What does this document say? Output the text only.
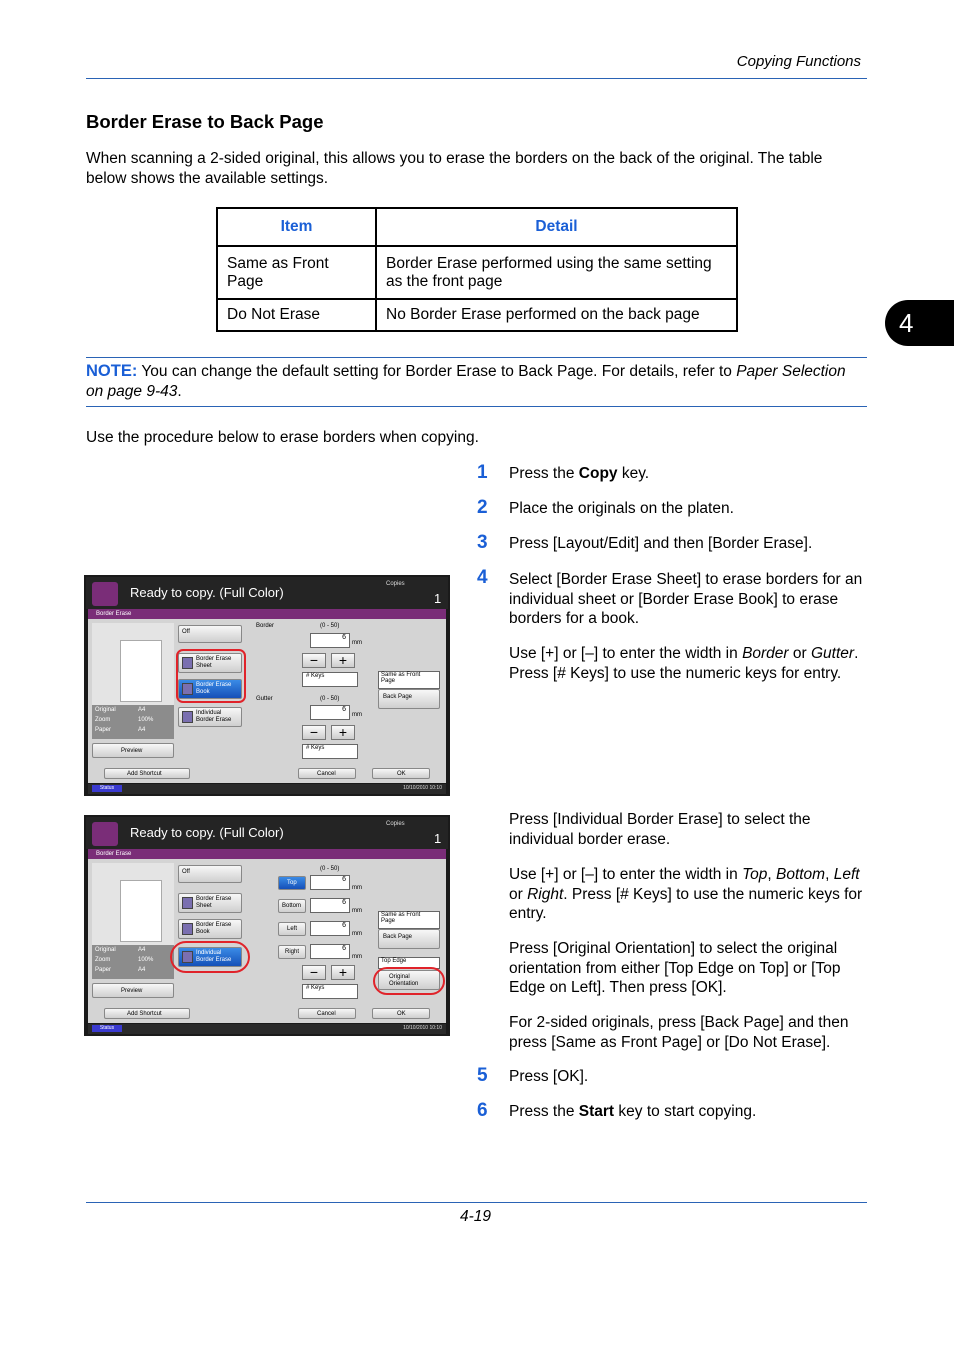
Copying Functions
4
Border Erase to Back Page

When scanning a 2-sided original, this allows you to erase the borders on the back of the original. The table below shows the available settings.

Item	Detail
Same as Front Page	Border Erase performed using the same setting as the front page
Do Not Erase	No Border Erase performed on the back page

NOTE: You can change the default setting for Border Erase to Back Page. For details, refer to Paper Selection on page 9-43.

Use the procedure below to erase borders when copying.

1 Press the Copy key.

2 Place the originals on the platen.

3 Press [Layout/Edit] and then [Border Erase].

4 Select [Border Erase Sheet] to erase borders for an individual sheet or [Border Erase Book] to erase borders for a book.

Use [+] or [–] to enter the width in Border or Gutter. Press [# Keys] to use the numeric keys for entry.

Press [Individual Border Erase] to select the individual border erase.

Use [+] or [–] to enter the width in Top, Bottom, Left or Right. Press [# Keys] to use the numeric keys for entry.

Press [Original Orientation] to select the original orientation from either [Top Edge on Top] or [Top Edge on Left]. Then press [OK].

For 2-sided originals, press [Back Page] and then press [Same as Front Page] or [Do Not Erase].

5 Press [OK].

6 Press the Start key to start copying.

Ready to copy. (Full Color)
Copies
1
Border Erase
Original	A4
Zoom	100%
Paper	A4
Preview
Off
Border Erase Sheet
Border Erase Book
Individual Border Erase
Border	(0 - 50)
6
mm
−	+
# Keys
Gutter	(0 - 50)
6
mm
−	+
# Keys
Same as Front Page
Back Page
Add Shortcut	Cancel	OK
Status	10/10/2010 10:10
Ready to copy. (Full Color)
Copies
1
Border Erase
Original	A4
Zoom	100%
Paper	A4
Preview
Off
Border Erase Sheet
Border Erase Book
Individual Border Erase
(0 - 50)
Top	6
mm
Bottom	6
mm
Left	6
mm
Right	6
mm
−	+
# Keys
Same as Front Page
Back Page
Top Edge
Original Orientation
Add Shortcut	Cancel	OK
Status	10/10/2010 10:10
4-19
